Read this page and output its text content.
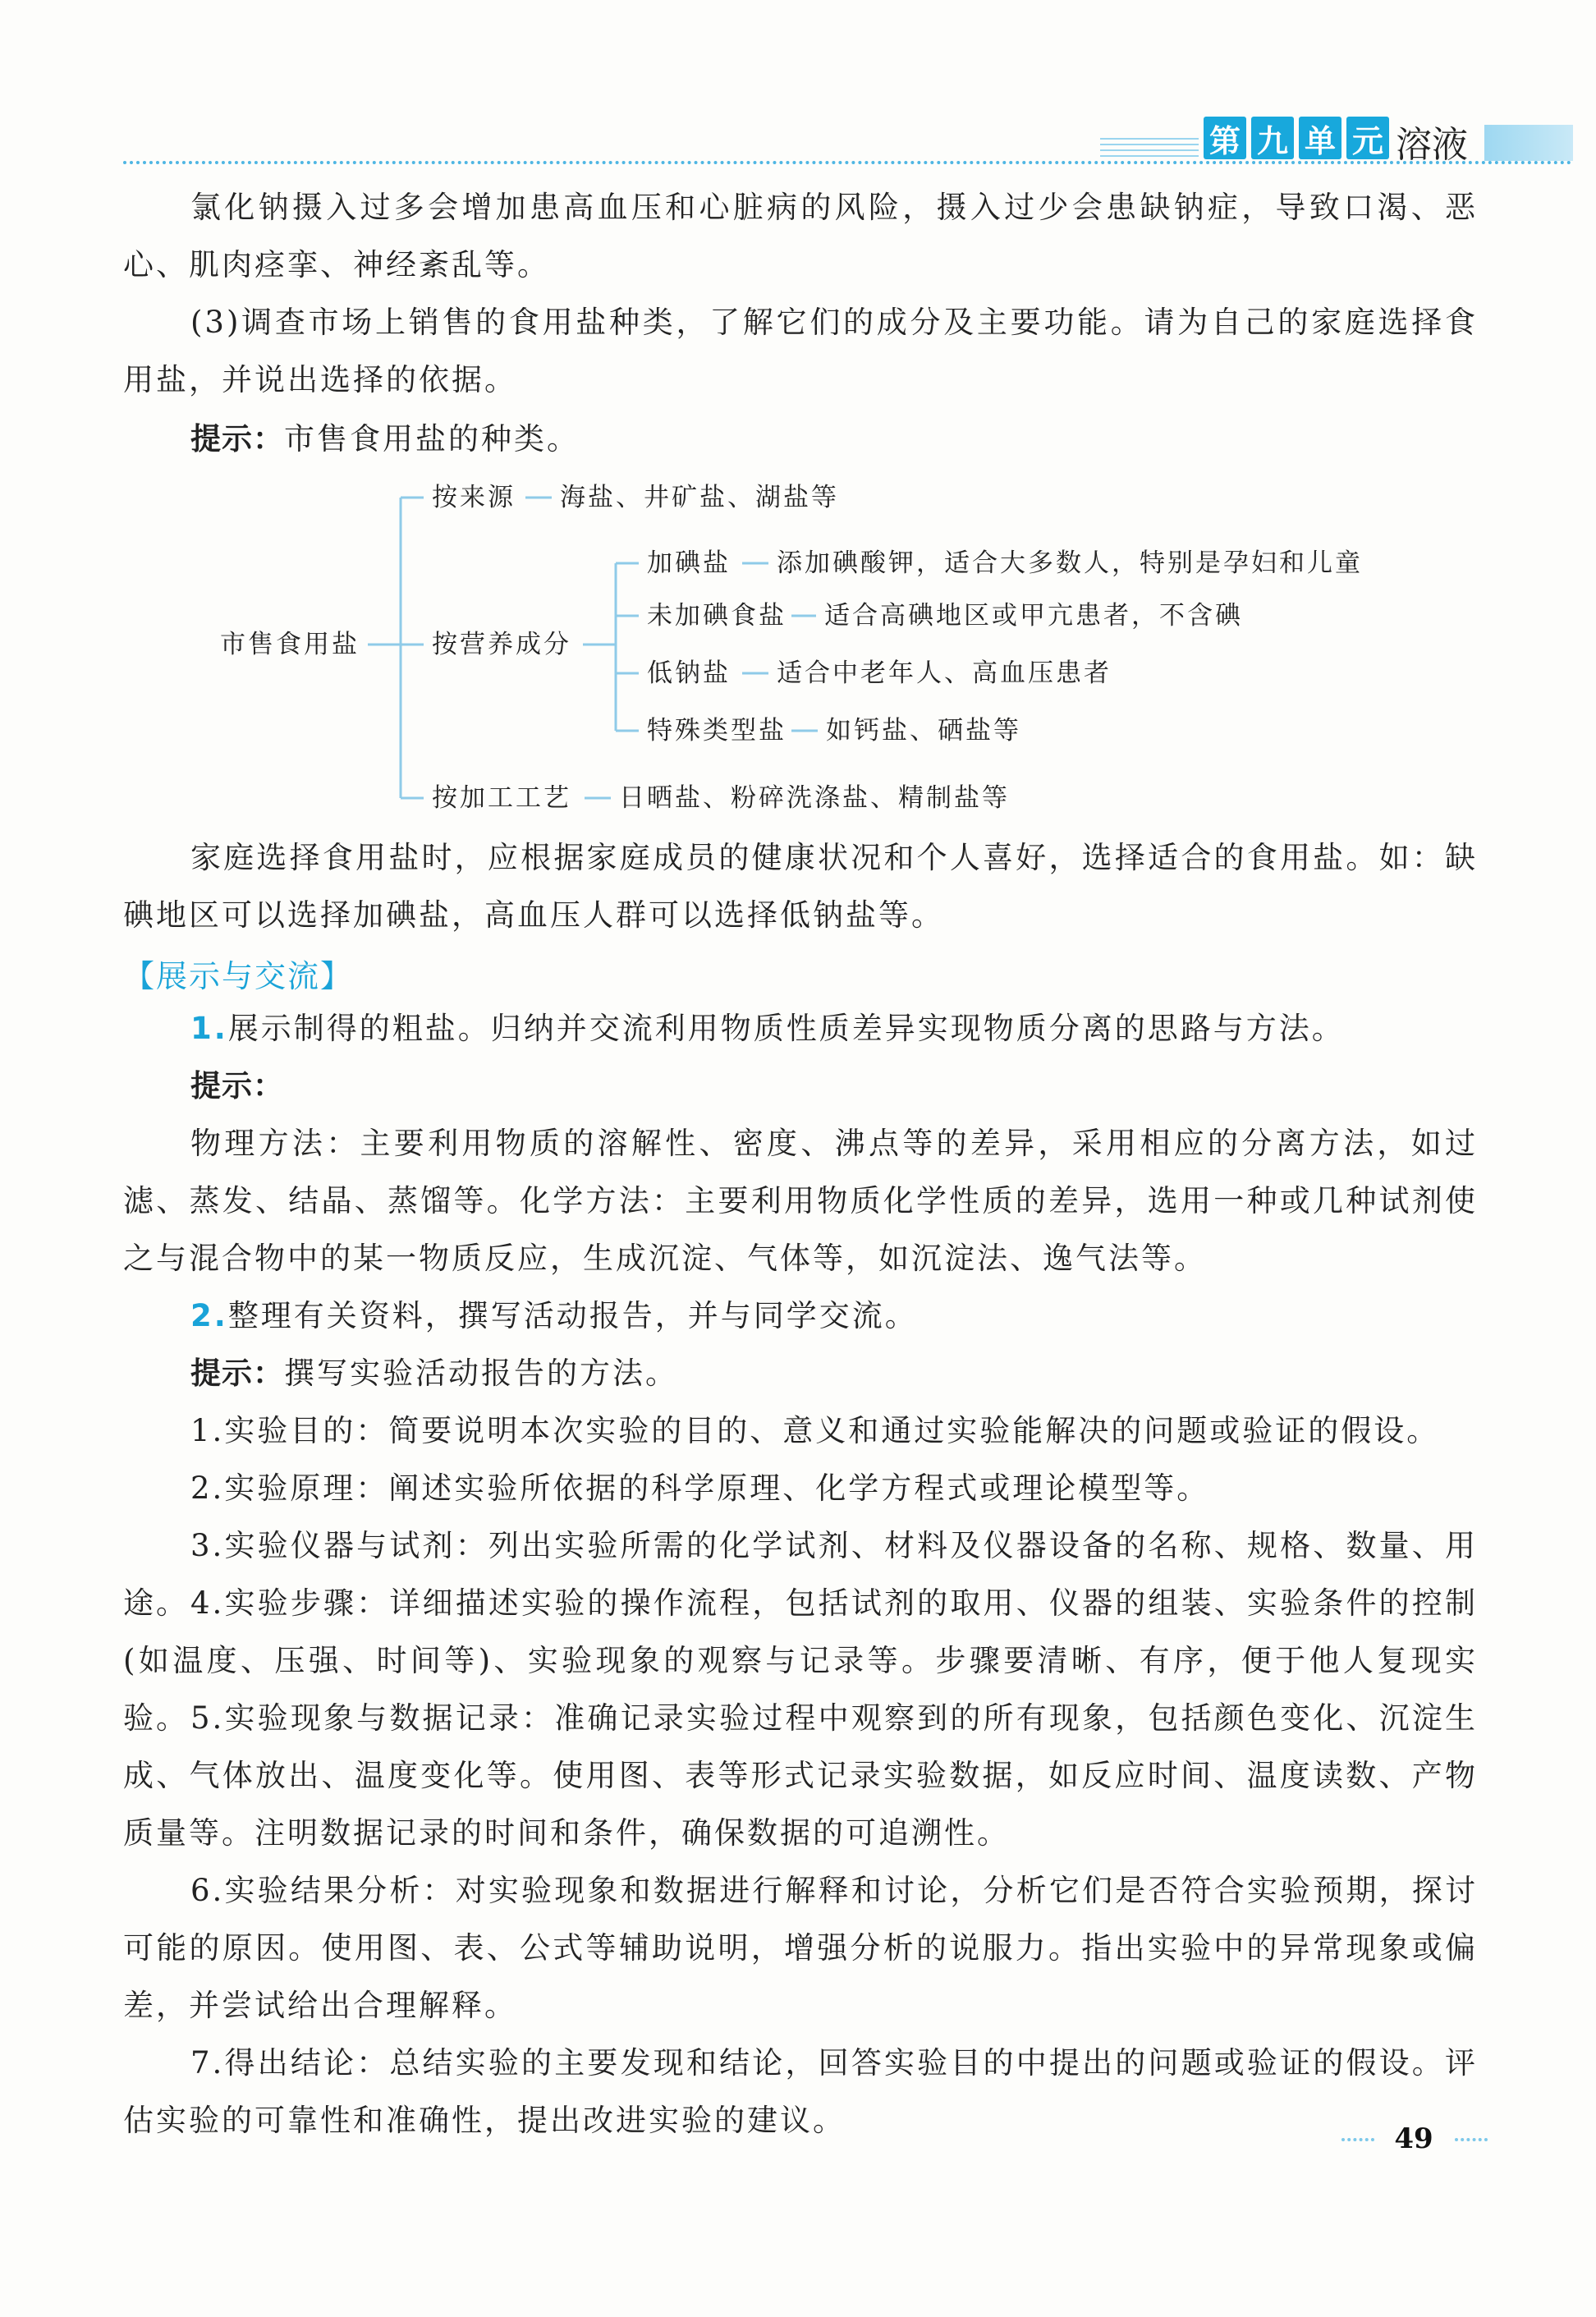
第 九 单 元 溶液

氯化钠摄入过多会增加患高血压和心脏病的风险，摄入过少会患缺钠症，导致口渴、恶心、肌肉痉挛、神经紊乱等。

(3)调查市场上销售的食用盐种类，了解它们的成分及主要功能。请为自己的家庭选择食用盐，并说出选择的依据。

提示：市售食用盐的种类。

市售食用盐
按来源 海盐、井矿盐、湖盐等
按营养成分
加碘盐 添加碘酸钾，适合大多数人，特别是孕妇和儿童
未加碘食盐 适合高碘地区或甲亢患者，不含碘
低钠盐 适合中老年人、高血压患者
特殊类型盐 如钙盐、硒盐等
按加工工艺 日晒盐、粉碎洗涤盐、精制盐等

家庭选择食用盐时，应根据家庭成员的健康状况和个人喜好，选择适合的食用盐。如：缺碘地区可以选择加碘盐，高血压人群可以选择低钠盐等。

【展示与交流】

1.展示制得的粗盐。归纳并交流利用物质性质差异实现物质分离的思路与方法。

提示：

物理方法：主要利用物质的溶解性、密度、沸点等的差异，采用相应的分离方法，如过滤、蒸发、结晶、蒸馏等。化学方法：主要利用物质化学性质的差异，选用一种或几种试剂使之与混合物中的某一物质反应，生成沉淀、气体等，如沉淀法、逸气法等。

2.整理有关资料，撰写活动报告，并与同学交流。

提示：撰写实验活动报告的方法。

1.实验目的：简要说明本次实验的目的、意义和通过实验能解决的问题或验证的假设。

2.实验原理：阐述实验所依据的科学原理、化学方程式或理论模型等。

3.实验仪器与试剂：列出实验所需的化学试剂、材料及仪器设备的名称、规格、数量、用途。 4.实验步骤：详细描述实验的操作流程，包括试剂的取用、仪器的组装、实验条件的控制(如温度、压强、时间等)、实验现象的观察与记录等。步骤要清晰、有序，便于他人复现实验。 5.实验现象与数据记录：准确记录实验过程中观察到的所有现象，包括颜色变化、沉淀生成、气体放出、温度变化等。使用图、表等形式记录实验数据，如反应时间、温度读数、产物质量等。注明数据记录的时间和条件，确保数据的可追溯性。

6.实验结果分析：对实验现象和数据进行解释和讨论，分析它们是否符合实验预期，探讨可能的原因。使用图、表、公式等辅助说明，增强分析的说服力。指出实验中的异常现象或偏差，并尝试给出合理解释。

7.得出结论：总结实验的主要发现和结论，回答实验目的中提出的问题或验证的假设。评估实验的可靠性和准确性，提出改进实验的建议。

49
